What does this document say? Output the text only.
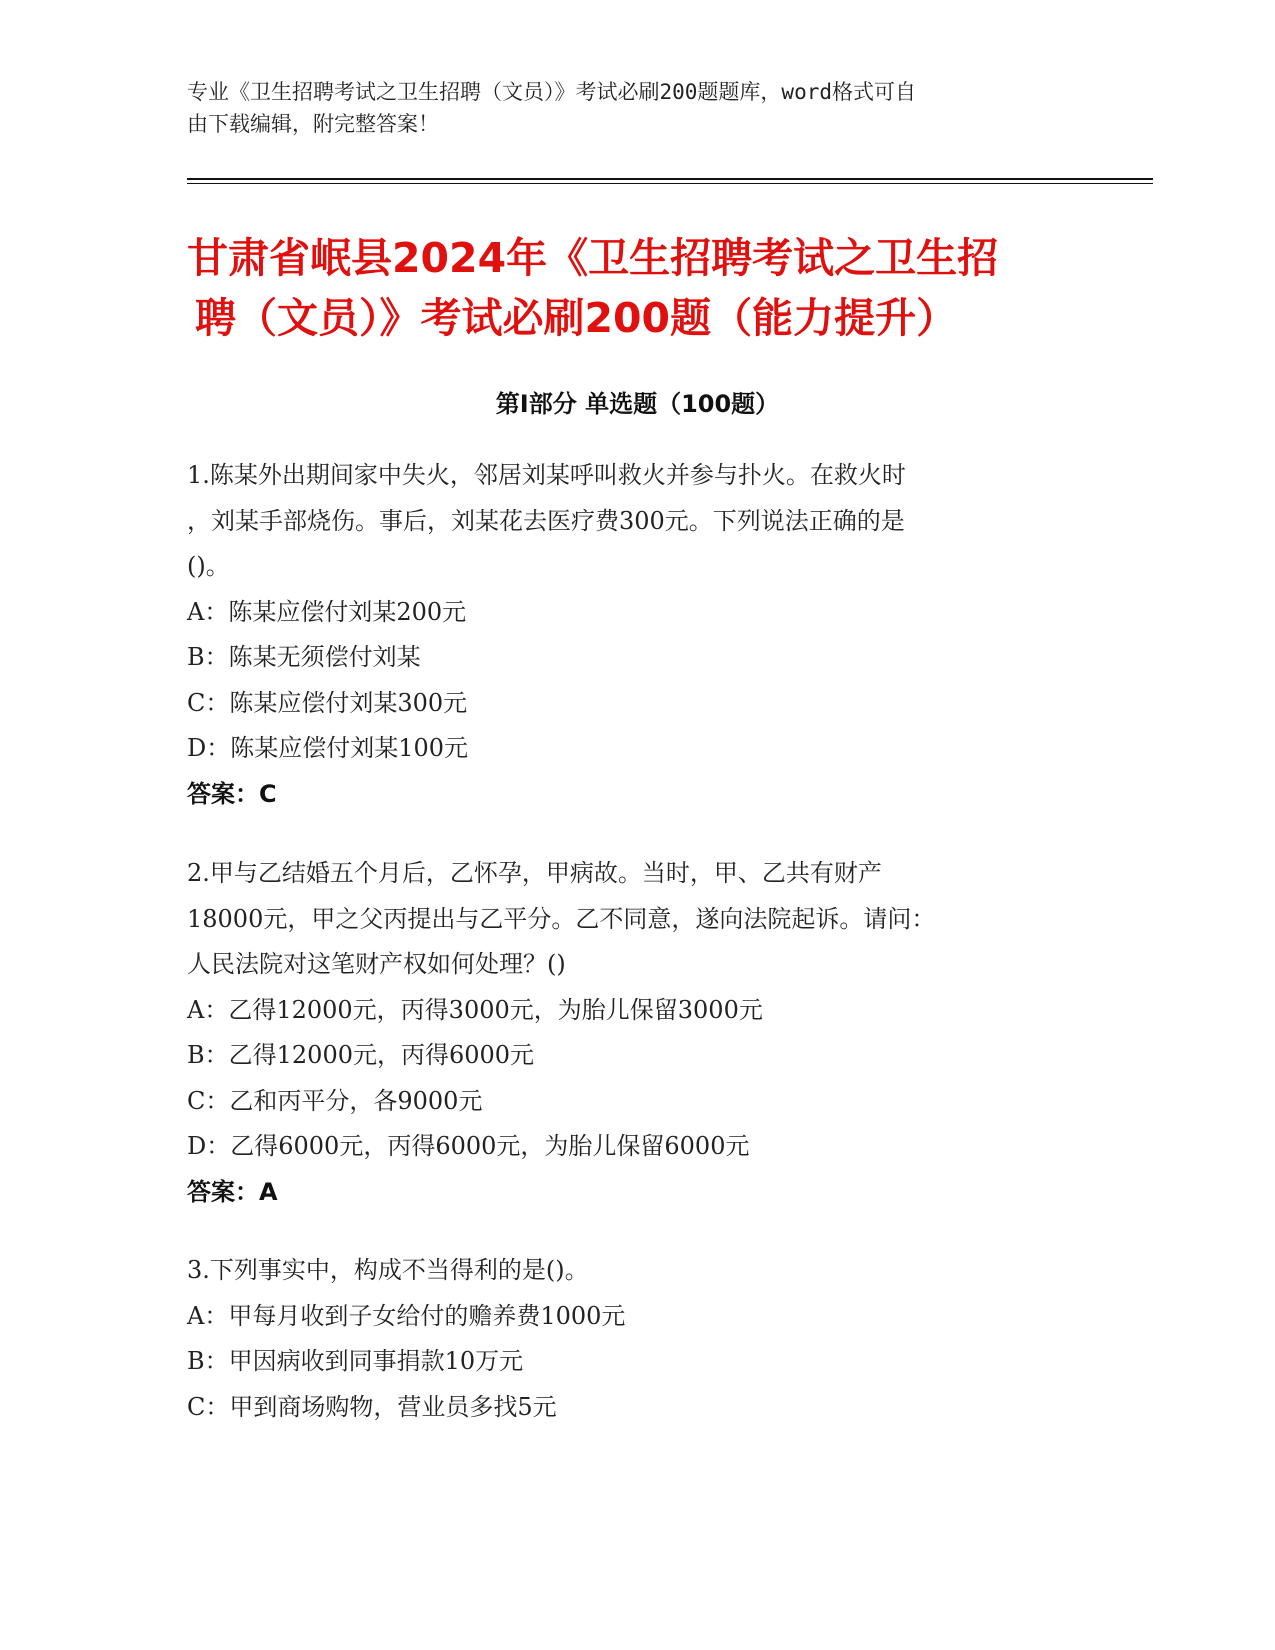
专业《卫生招聘考试之卫生招聘（文员）》考试必刷200题题库，word格式可自
由下载编辑，附完整答案！
甘肃省岷县2024年《卫生招聘考试之卫生招
聘（文员）》考试必刷200题（能力提升）
第Ⅰ部分 单选题（100题）
1.陈某外出期间家中失火，邻居刘某呼叫救火并参与扑火。在救火时
，刘某手部烧伤。事后，刘某花去医疗费300元。下列说法正确的是
()。
A：陈某应偿付刘某200元
B：陈某无须偿付刘某
C：陈某应偿付刘某300元
D：陈某应偿付刘某100元
答案：C
2.甲与乙结婚五个月后，乙怀孕，甲病故。当时，甲、乙共有财产
18000元，甲之父丙提出与乙平分。乙不同意，遂向法院起诉。请问：
人民法院对这笔财产权如何处理？()
A：乙得12000元，丙得3000元，为胎儿保留3000元
B：乙得12000元，丙得6000元
C：乙和丙平分，各9000元
D：乙得6000元，丙得6000元，为胎儿保留6000元
答案：A
3.下列事实中，构成不当得利的是()。
A：甲每月收到子女给付的赡养费1000元
B：甲因病收到同事捐款10万元
C：甲到商场购物，营业员多找5元
